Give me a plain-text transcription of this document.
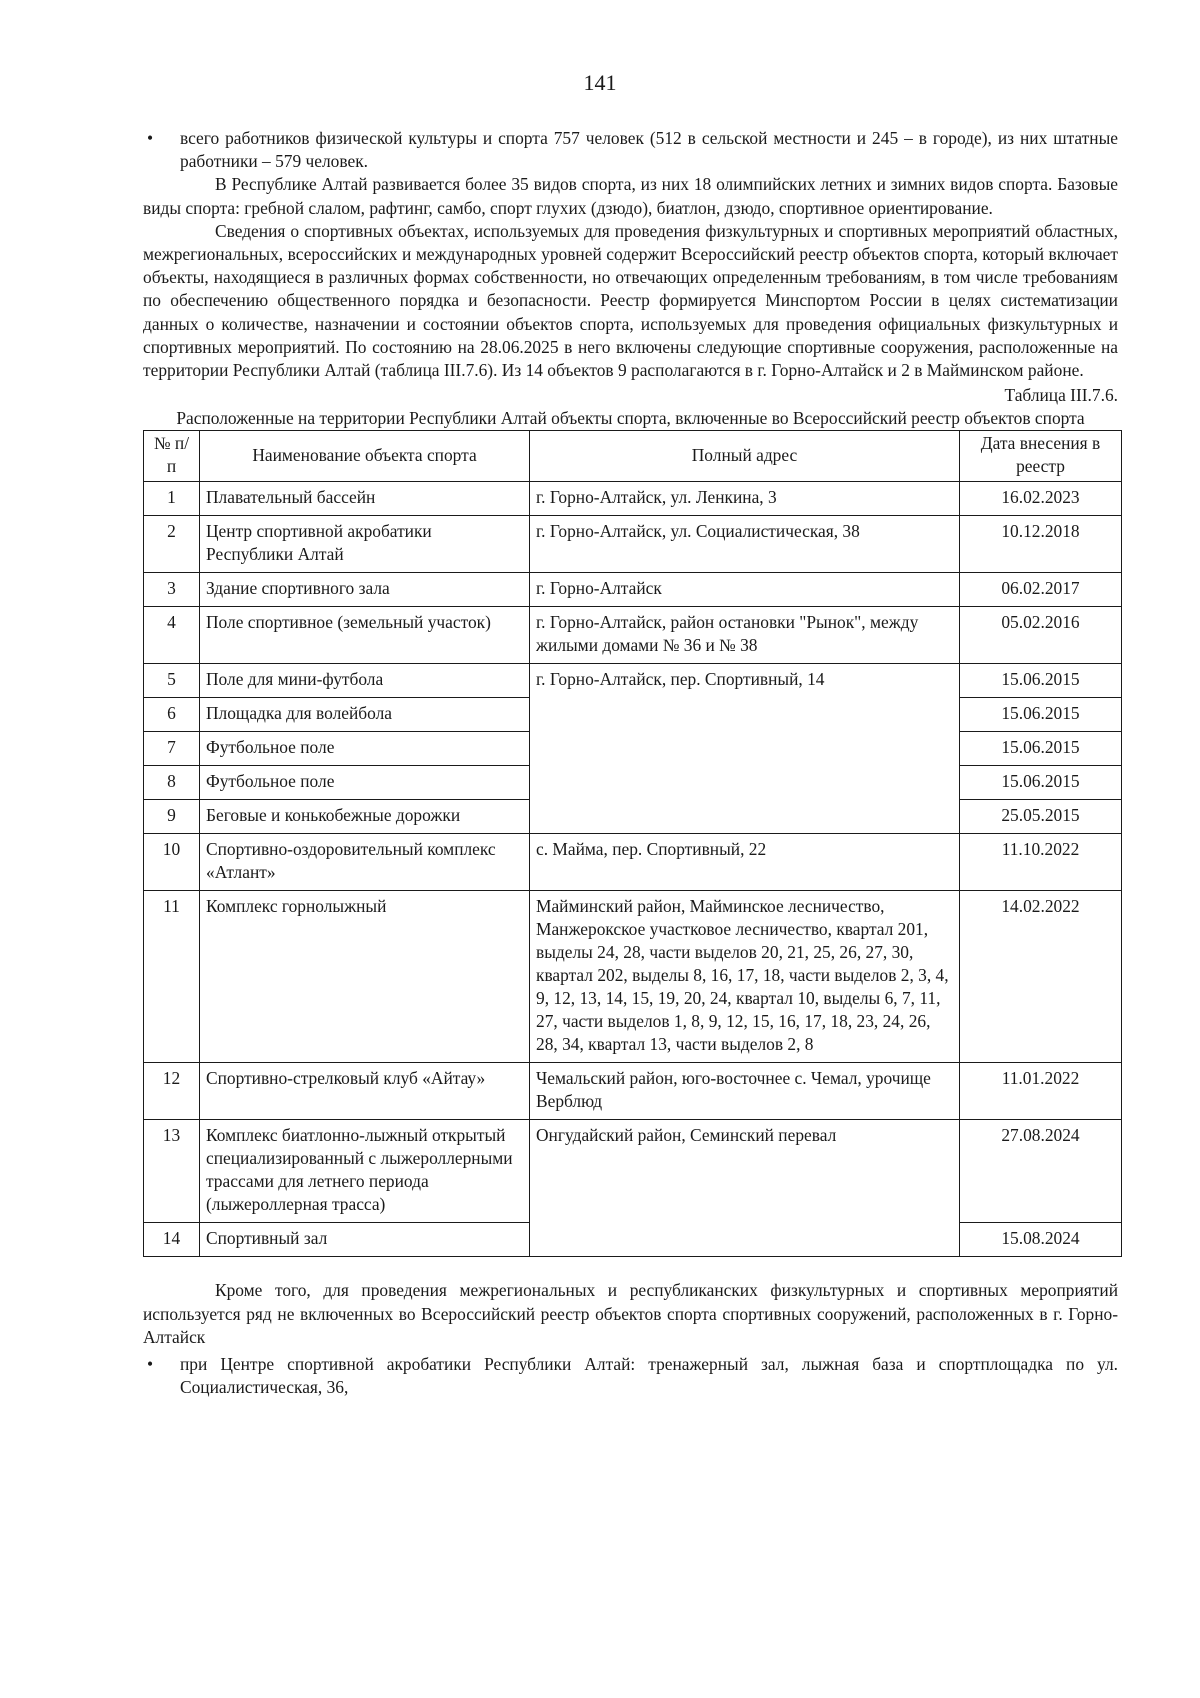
141

• всего работников физической культуры и спорта 757 человек (512 в сельской местности и 245 – в городе), из них штатные работники – 579 человек.

В Республике Алтай развивается более 35 видов спорта, из них 18 олимпийских летних и зимних видов спорта. Базовые виды спорта: гребной слалом, рафтинг, самбо, спорт глухих (дзюдо), биатлон, дзюдо, спортивное ориентирование.

Сведения о спортивных объектах, используемых для проведения физкультурных и спортивных мероприятий областных, межрегиональных, всероссийских и международных уровней содержит Всероссийский реестр объектов спорта, который включает объекты, находящиеся в различных формах собственности, но отвечающих определенным требованиям, в том числе требованиям по обеспечению общественного порядка и безопасности. Реестр формируется Минспортом России в целях систематизации данных о количестве, назначении и состоянии объектов спорта, используемых для проведения официальных физкультурных и спортивных мероприятий. По состоянию на 28.06.2025 в него включены следующие спортивные сооружения, расположенные на территории Республики Алтай (таблица III.7.6). Из 14 объектов 9 располагаются в г. Горно-Алтайск и 2 в Майминском районе.

Таблица III.7.6.

Расположенные на территории Республики Алтай объекты спорта, включенные во Всероссийский реестр объектов спорта

№ п/п	Наименование объекта спорта	Полный адрес	Дата внесения в реестр
1	Плавательный бассейн	г. Горно-Алтайск, ул. Ленкина, 3	16.02.2023
2	Центр спортивной акробатики Республики Алтай	г. Горно-Алтайск, ул. Социалистическая, 38	10.12.2018
3	Здание спортивного зала	г. Горно-Алтайск	06.02.2017
4	Поле спортивное (земельный участок)	г. Горно-Алтайск, район остановки "Рынок", между жилыми домами № 36 и № 38	05.02.2016
5	Поле для мини-футбола	г. Горно-Алтайск, пер. Спортивный, 14	15.06.2015
6	Площадка для волейбола		15.06.2015
7	Футбольное поле		15.06.2015
8	Футбольное поле		15.06.2015
9	Беговые и конькобежные дорожки		25.05.2015
10	Спортивно-оздоровительный комплекс «Атлант»	с. Майма, пер. Спортивный, 22	11.10.2022
11	Комплекс горнолыжный	Майминский район, Майминское лесничество, Манжерокское участковое лесничество, квартал 201, выделы 24, 28, части выделов 20, 21, 25, 26, 27, 30, квартал 202, выделы 8, 16, 17, 18, части выделов 2, 3, 4, 9, 12, 13, 14, 15, 19, 20, 24, квартал 10, выделы 6, 7, 11, 27, части выделов 1, 8, 9, 12, 15, 16, 17, 18, 23, 24, 26, 28, 34, квартал 13, части выделов 2, 8	14.02.2022
12	Спортивно-стрелковый клуб «Айтау»	Чемальский район, юго-восточнее с. Чемал, урочище Верблюд	11.01.2022
13	Комплекс биатлонно-лыжный открытый специализированный с лыжероллерными трассами для летнего периода (лыжероллерная трасса)	Онгудайский район, Семинский перевал	27.08.2024
14	Спортивный зал		15.08.2024

Кроме того, для проведения межрегиональных и республиканских физкультурных и спортивных мероприятий используется ряд не включенных во Всероссийский реестр объектов спорта спортивных сооружений, расположенных в г. Горно-Алтайск

• при Центре спортивной акробатики Республики Алтай: тренажерный зал, лыжная база и спортплощадка по ул. Социалистическая, 36,
